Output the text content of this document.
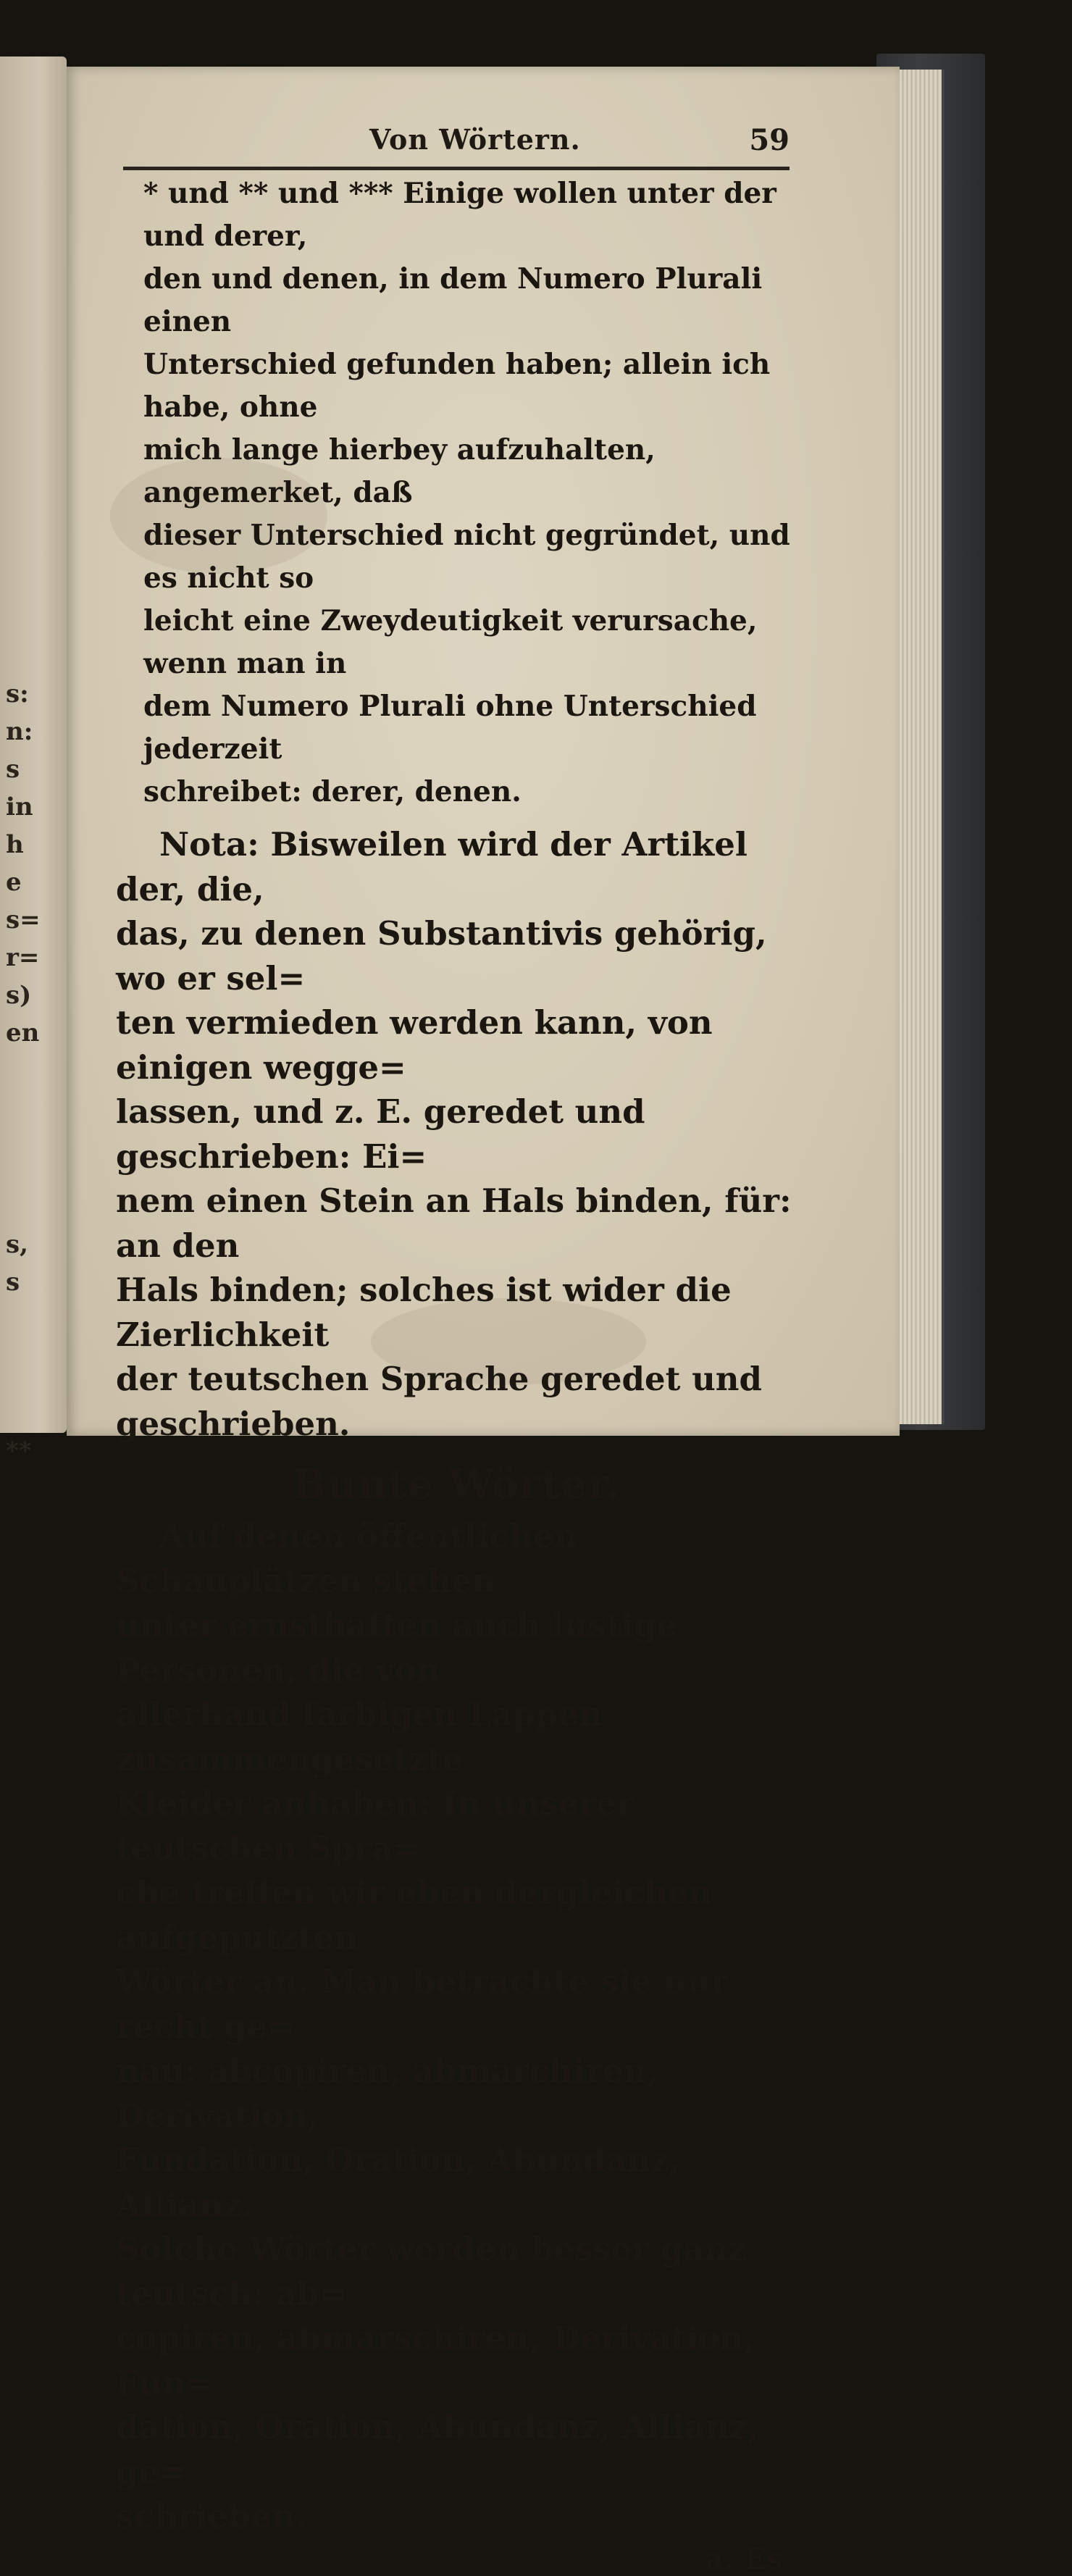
s:
n:
s
in
h
e
s=
r=
s)
en
s,
s
**
Von Wörtern.	59

* und ** und *** Einige wollen unter der und derer,
den und denen, in dem Numero Plurali einen
Unterschied gefunden haben; allein ich habe, ohne
mich lange hierbey aufzuhalten, angemerket, daß
dieser Unterschied nicht gegründet, und es nicht so
leicht eine Zweydeutigkeit verursache, wenn man in
dem Numero Plurali ohne Unterschied jederzeit
schreibet: derer, denen.

Nota: Bisweilen wird der Artikel der, die,
das, zu denen Substantivis gehörig, wo er sel=
ten vermieden werden kann, von einigen wegge=
lassen, und z. E. geredet und geschrieben: Ei=
nem einen Stein an Hals binden, für: an den
Hals binden; solches ist wider die Zierlichkeit
der teutschen Sprache geredet und geschrieben.

Bunte Wörter.

Auf denen öffentlichen Schauplätzen stehen
unter ernsthaften auch lustige Personen, die von
allerhand farbigen Lappen zusammengesetzte
Kleider anhaben: In unserer teutschen Spra=
che treffen wir eben dergleichen aufgeputzten
Wörter an. Man betrachte sie nur recht ge=
nau: abcopiren, abmarchiren, Derivation,
Fundation, Oration, Abundanz, Allianz.
Solche Wörter werden besser ganz teutsch: ab=
copiren, abmarschiren, Derivation, Fun=
dation, Oration, Abundanz, Allianz, ge=
schrieben.

a. Es
